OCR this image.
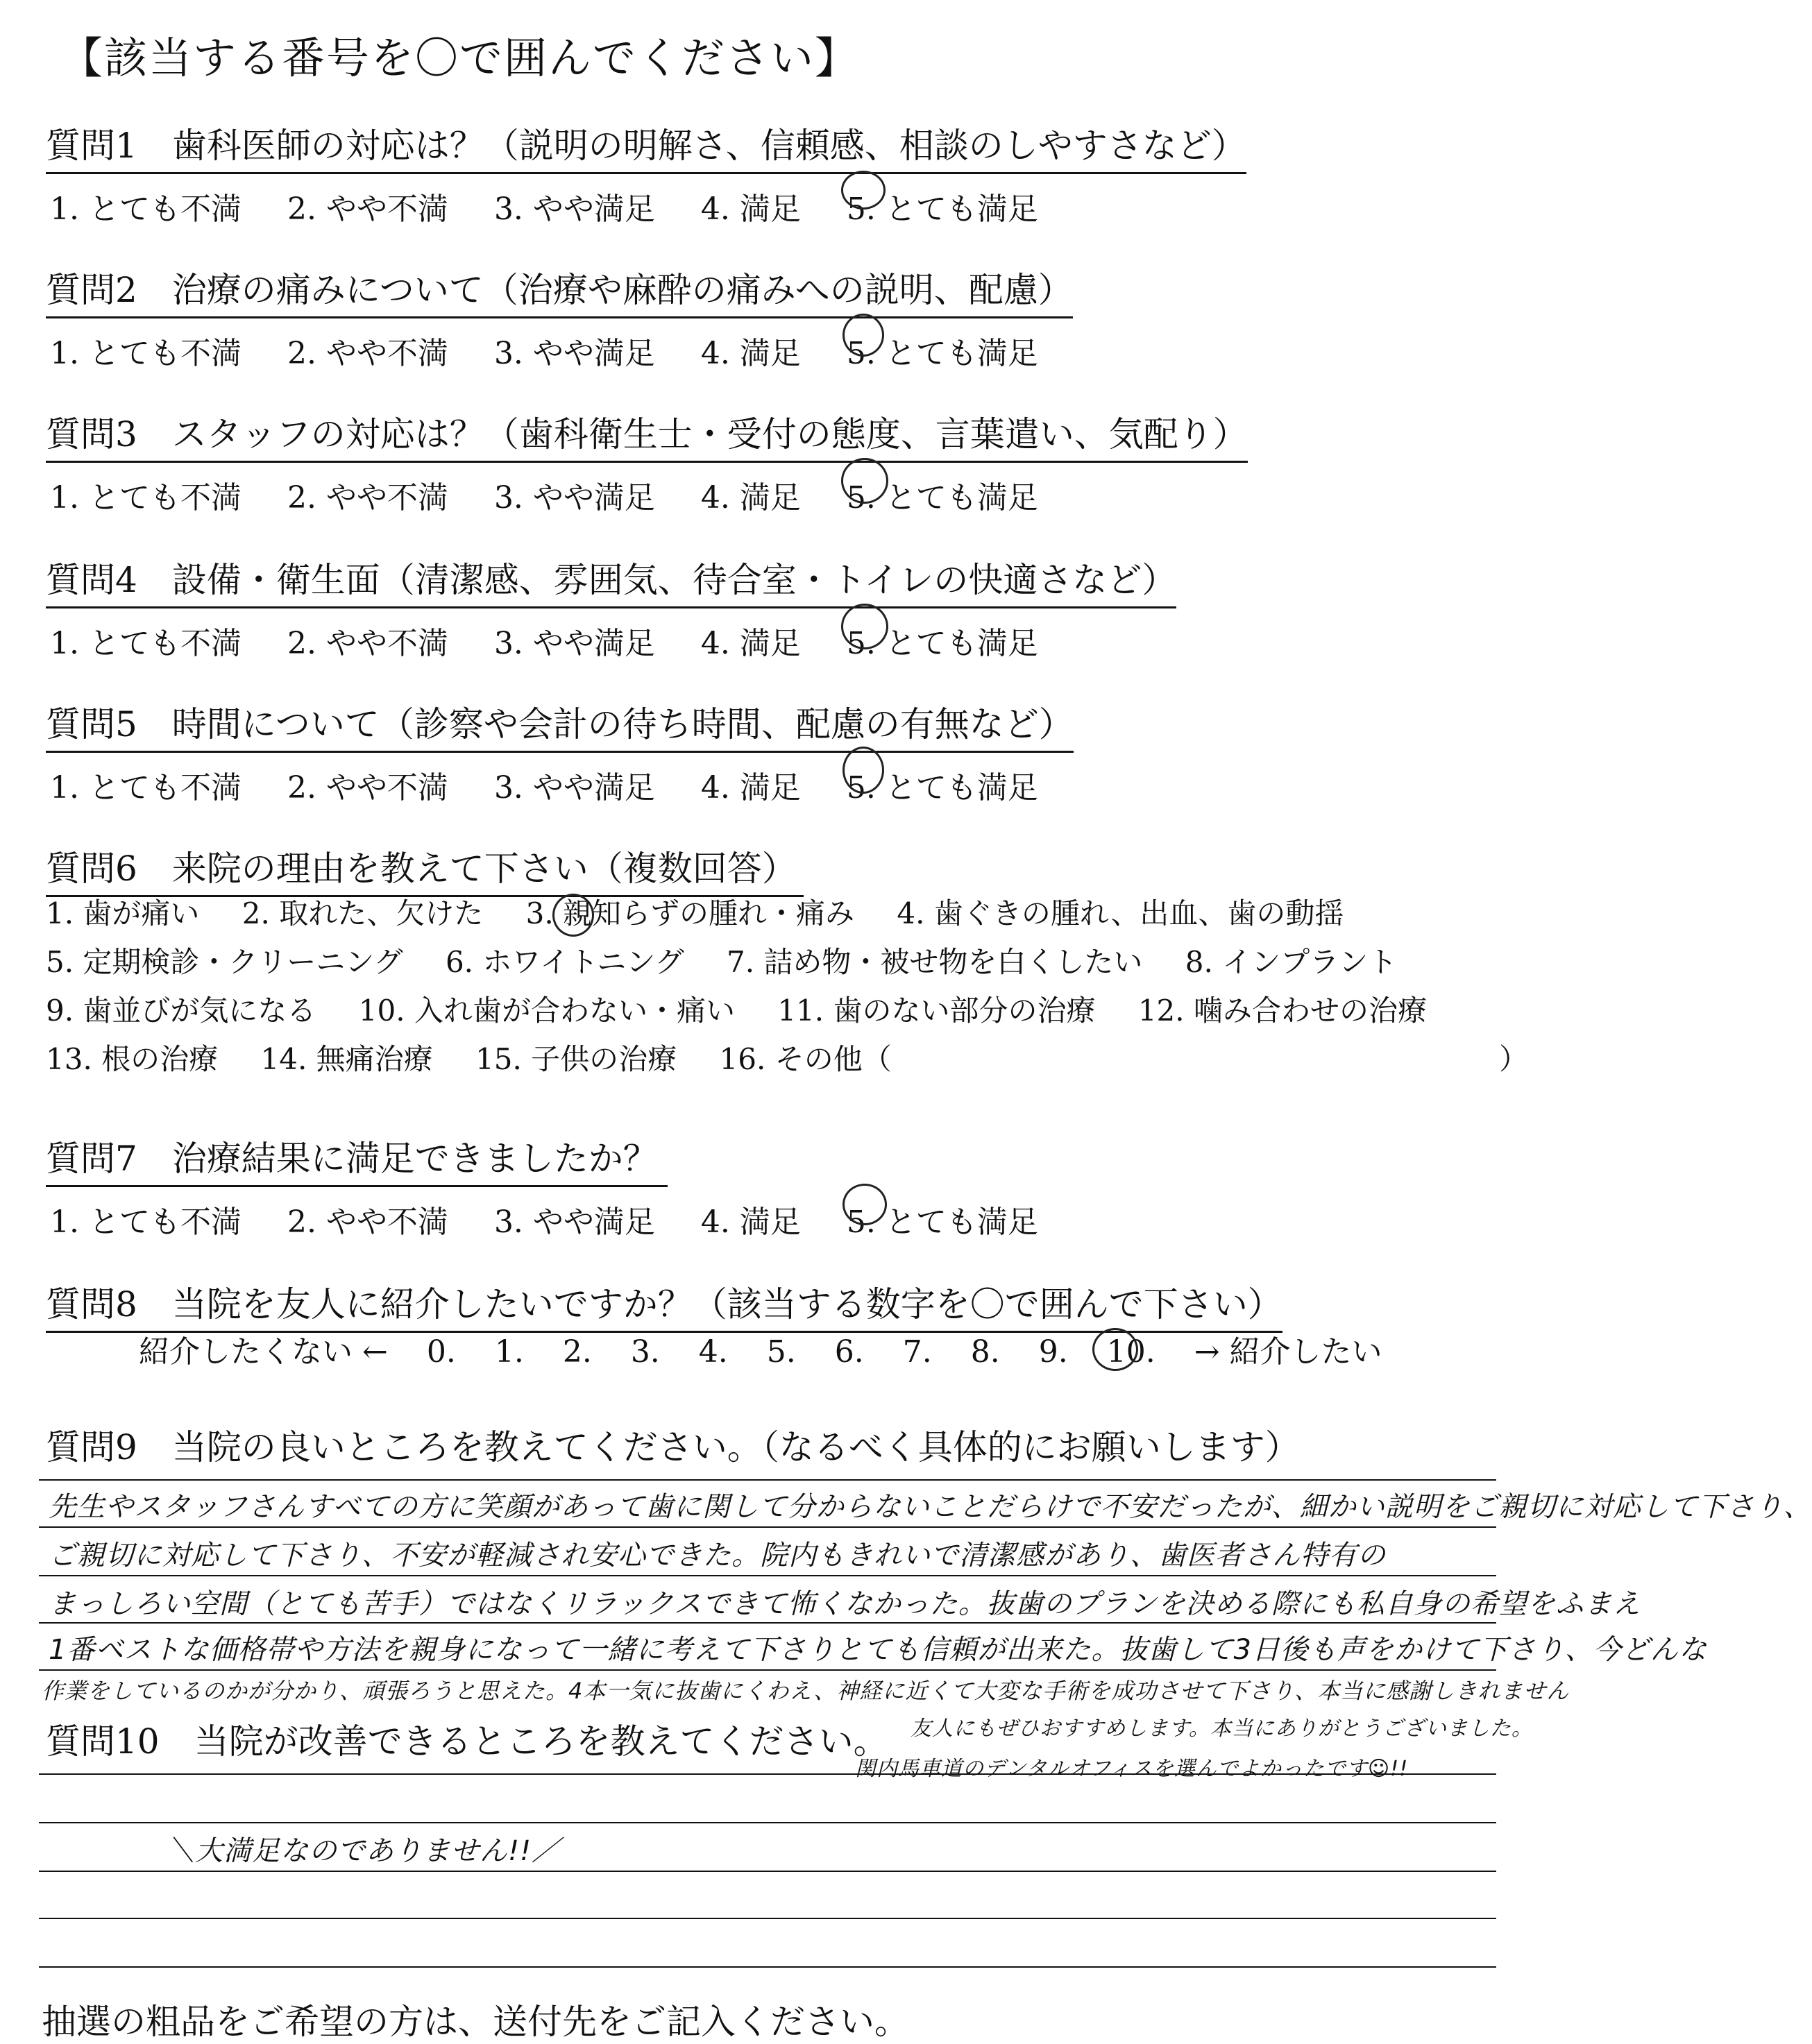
【該当する番号を〇で囲んでください】
質問1　歯科医師の対応は？（説明の明解さ、信頼感、相談のしやすさなど）
1. とても不満 2. やや不満 3. やや満足 4. 満足 5. とても満足
質問2　治療の痛みについて（治療や麻酔の痛みへの説明、配慮）
1. とても不満 2. やや不満 3. やや満足 4. 満足 5. とても満足
質問3　スタッフの対応は？（歯科衛生士・受付の態度、言葉遣い、気配り）
1. とても不満 2. やや不満 3. やや満足 4. 満足 5. とても満足
質問4　設備・衛生面（清潔感、雰囲気、待合室・トイレの快適さなど）
1. とても不満 2. やや不満 3. やや満足 4. 満足 5. とても満足
質問5　時間について（診察や会計の待ち時間、配慮の有無など）
1. とても不満 2. やや不満 3. やや満足 4. 満足 5. とても満足
質問6　来院の理由を教えて下さい（複数回答）
1. 歯が痛い 2. 取れた、欠けた 3. 親知らずの腫れ・痛み 4. 歯ぐきの腫れ、出血、歯の動揺
5. 定期検診・クリーニング 6. ホワイトニング 7. 詰め物・被せ物を白くしたい 8. インプラント
9. 歯並びが気になる 10. 入れ歯が合わない・痛い 11. 歯のない部分の治療 12. 噛み合わせの治療
13. 根の治療 14. 無痛治療 15. 子供の治療 16. その他（	）
質問7　治療結果に満足できましたか？
1. とても不満 2. やや不満 3. やや満足 4. 満足 5. とても満足
質問8　当院を友人に紹介したいですか？（該当する数字を〇で囲んで下さい）
紹介したくない ← 0. 1. 2. 3. 4. 5. 6. 7. 8. 9. 10. → 紹介したい
質問9　当院の良いところを教えてください。（なるべく具体的にお願いします）
先生やスタッフさんすべての方に笑顔があって歯に関して分からないことだらけで不安だったが、細かい説明をご親切に対応して下さり、
ご親切に対応して下さり、不安が軽減され安心できた。院内もきれいで清潔感があり、歯医者さん特有の
まっしろい空間（とても苦手）ではなくリラックスできて怖くなかった。抜歯のプランを決める際にも私自身の希望をふまえ
1番ベストな価格帯や方法を親身になって一緒に考えて下さりとても信頼が出来た。抜歯して3日後も声をかけて下さり、今どんな
作業をしているのかが分かり、頑張ろうと思えた。4本一気に抜歯にくわえ、神経に近くて大変な手術を成功させて下さり、本当に感謝しきれません
友人にもぜひおすすめします。本当にありがとうございました。
関内馬車道のデンタルオフィスを選んでよかったです☺!!
質問10　当院が改善できるところを教えてください。
＼大満足なのでありません!!／
抽選の粗品をご希望の方は、送付先をご記入ください。
